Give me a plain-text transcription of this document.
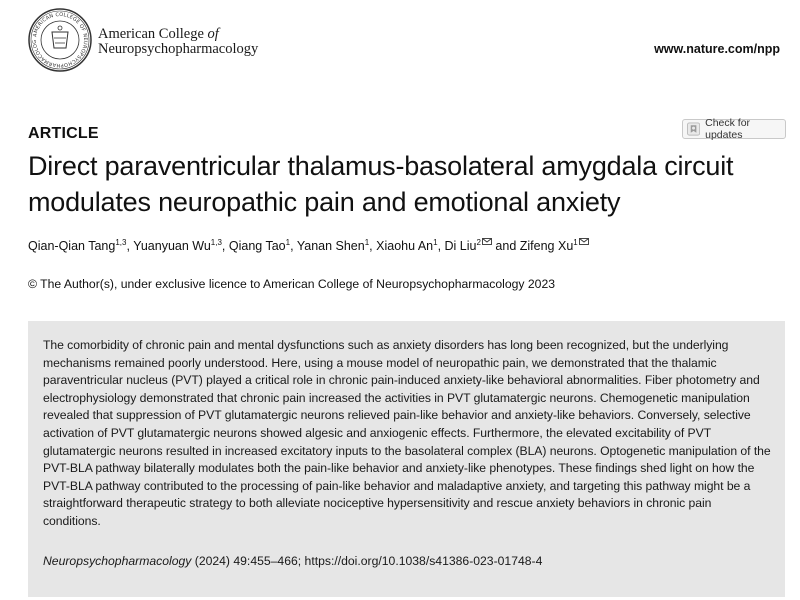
AMERICAN COLLEGE OF NEUROPSYCHOPHARMACOLOG	American College of
Neuropsychopharmacology	www.nature.com/npp
ARTICLE
Check for updates
Direct paraventricular thalamus-basolateral amygdala circuit modulates neuropathic pain and emotional anxiety
Qian-Qian Tang$^{1,3}$, Yuanyuan Wu$^{1,3}$, Qiang Tao$^1$, Yanan Shen$^1$, Xiaohu An$^1$, Di Liu$^2$ and Zifeng Xu$^1$
© The Author(s), under exclusive licence to American College of Neuropsychopharmacology 2023

The comorbidity of chronic pain and mental dysfunctions such as anxiety disorders has long been recognized, but the underlying mechanisms remained poorly understood. Here, using a mouse model of neuropathic pain, we demonstrated that the thalamic paraventricular nucleus (PVT) played a critical role in chronic pain-induced anxiety-like behavioral abnormalities. Fiber photometry and electrophysiology demonstrated that chronic pain increased the activities in PVT glutamatergic neurons. Chemogenetic manipulation revealed that suppression of PVT glutamatergic neurons relieved pain-like behavior and anxiety-like behaviors. Conversely, selective activation of PVT glutamatergic neurons showed algesic and anxiogenic effects. Furthermore, the elevated excitability of PVT glutamatergic neurons resulted in increased excitatory inputs to the basolateral complex (BLA) neurons. Optogenetic manipulation of the PVT-BLA pathway bilaterally modulates both the pain-like behavior and anxiety-like phenotypes. These findings shed light on how the PVT-BLA pathway contributed to the processing of pain-like behavior and maladaptive anxiety, and targeting this pathway might be a straightforward therapeutic strategy to both alleviate nociceptive hypersensitivity and rescue anxiety behaviors in chronic pain conditions.

Neuropsychopharmacology (2024) 49:455–466; https://doi.org/10.1038/s41386-023-01748-4
